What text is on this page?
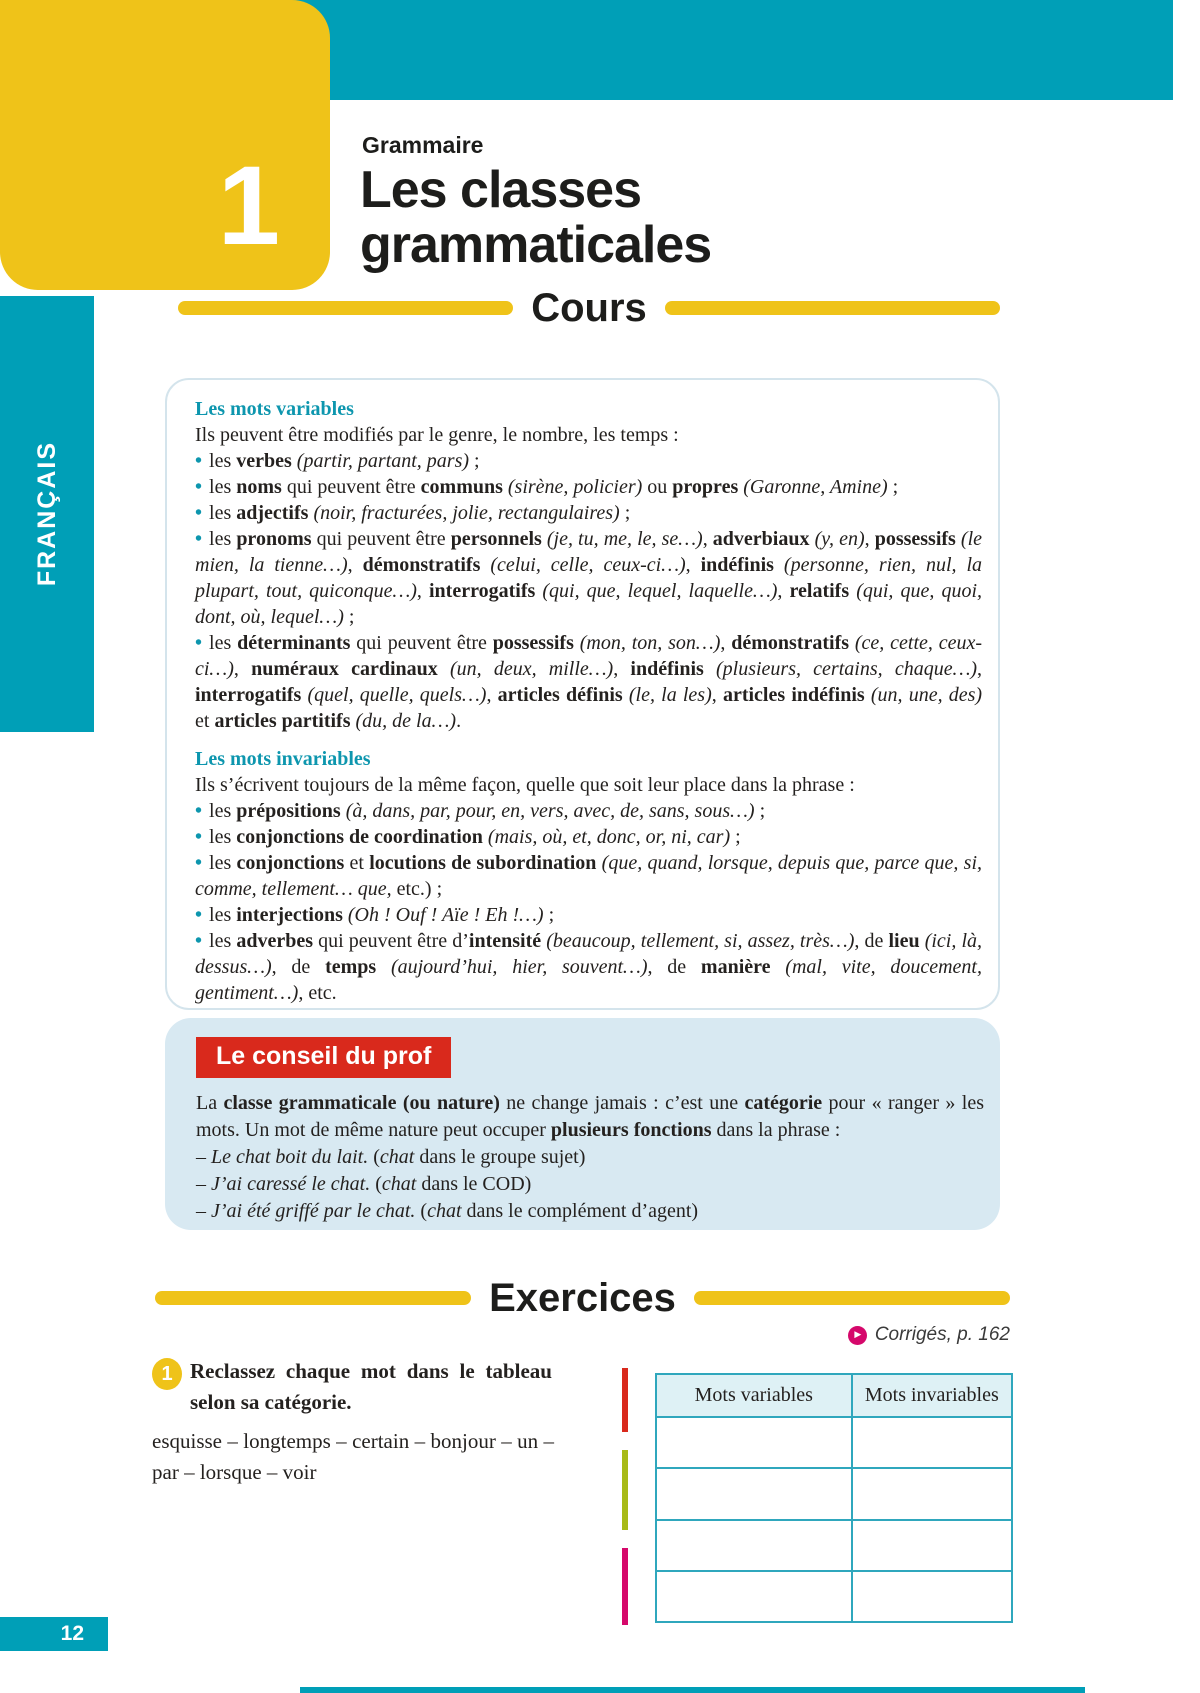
1	Grammaire
Les classes
grammaticales
FRANÇAIS
12
Cours

Les mots variables

Ils peuvent être modifiés par le genre, le nombre, les temps :

• les verbes (partir, partant, pars) ;

• les noms qui peuvent être communs (sirène, policier) ou propres (Garonne, Amine) ;

• les adjectifs (noir, fracturées, jolie, rectangulaires) ;

• les pronoms qui peuvent être personnels (je, tu, me, le, se…), adverbiaux (y, en), possessifs (le mien, la tienne…), démonstratifs (celui, celle, ceux-ci…), indéfinis (personne, rien, nul, la plupart, tout, quiconque…), interrogatifs (qui, que, lequel, laquelle…), relatifs (qui, que, quoi, dont, où, lequel…) ;

• les déterminants qui peuvent être possessifs (mon, ton, son…), démonstratifs (ce, cette, ceux-ci…), numéraux cardinaux (un, deux, mille…), indéfinis (plusieurs, certains, chaque…), interrogatifs (quel, quelle, quels…), articles définis (le, la les), articles indéfinis (un, une, des) et articles partitifs (du, de la…).

Les mots invariables

Ils s’écrivent toujours de la même façon, quelle que soit leur place dans la phrase :

• les prépositions (à, dans, par, pour, en, vers, avec, de, sans, sous…) ;

• les conjonctions de coordination (mais, où, et, donc, or, ni, car) ;

• les conjonctions et locutions de subordination (que, quand, lorsque, depuis que, parce que, si, comme, tellement… que, etc.) ;

• les interjections (Oh ! Ouf ! Aïe ! Eh !…) ;

• les adverbes qui peuvent être d’intensité (beaucoup, tellement, si, assez, très…), de lieu (ici, là, dessus…), de temps (aujourd’hui, hier, souvent…), de manière (mal, vite, doucement, gentiment…), etc.

Le conseil du prof

La classe grammaticale (ou nature) ne change jamais : c’est une catégorie pour « ranger » les mots. Un mot de même nature peut occuper plusieurs fonctions dans la phrase :

– Le chat boit du lait. (chat dans le groupe sujet)

– J’ai caressé le chat. (chat dans le COD)

– J’ai été griffé par le chat. (chat dans le complément d’agent)

Exercices
▶ Corrigés, p. 162
1 Reclassez chaque mot dans le tableau selon sa catégorie.
esquisse – longtemps – certain – bonjour – un – par – lorsque – voir
Mots variables	Mots invariables
